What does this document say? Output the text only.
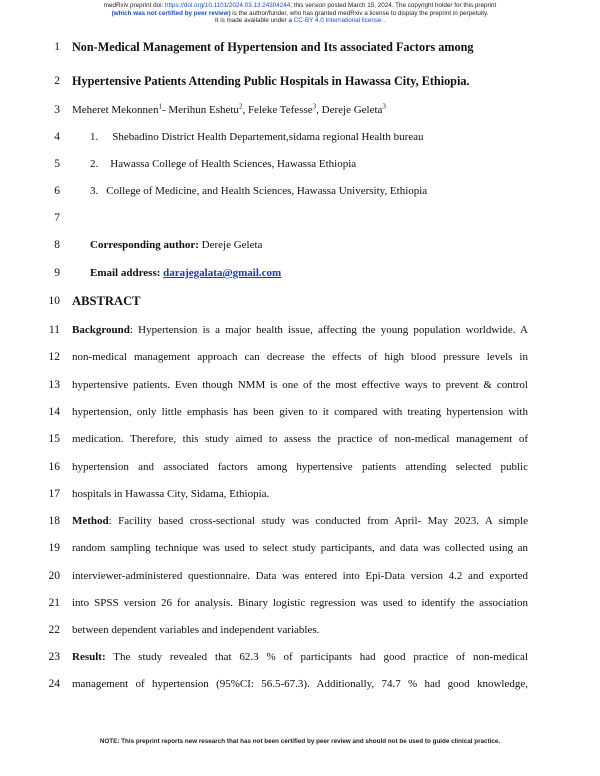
medRxiv preprint doi: https://doi.org/10.1101/2024.03.13.24304244; this version posted March 15, 2024. The copyright holder for this preprint
(which was not certified by peer review) is the author/funder, who has granted medRxiv a license to display the preprint in perpetuity.
It is made available under a CC-BY 4.0 International license .
1
2
3
4
5
6
7
8
9
10
11
12
13
14
15
16
17
18
19
20
21
22
23
24
Non-Medical Management of Hypertension and Its associated Factors among
Hypertensive Patients Attending Public Hospitals in Hawassa City, Ethiopia.
Meheret Mekonnen$^1$- Merihun Eshetu$^2$, Feleke Tefesse$^3$, Dereje Geleta$^3$
1. Shebadino District Health Departement,sidama regional Health bureau
2. Hawassa College of Health Sciences, Hawassa Ethiopia
3. College of Medicine, and Health Sciences, Hawassa University, Ethiopia
Corresponding author: Dereje Geleta
Email address: darajegalata@gmail.com
ABSTRACT
Background: Hypertension is a major health issue, affecting the young population worldwide. A
non-medical management approach can decrease the effects of high blood pressure levels in
hypertensive patients. Even though NMM is one of the most effective ways to prevent & control
hypertension, only little emphasis has been given to it compared with treating hypertension with
medication. Therefore, this study aimed to assess the practice of non-medical management of
hypertension and associated factors among hypertensive patients attending selected public
hospitals in Hawassa City, Sidama, Ethiopia.
Method: Facility based cross-sectional study was conducted from April- May 2023. A simple
random sampling technique was used to select study participants, and data was collected using an
interviewer-administered questionnaire. Data was entered into Epi-Data version 4.2 and exported
into SPSS version 26 for analysis. Binary logistic regression was used to identify the association
between dependent variables and independent variables.
Result: The study revealed that 62.3 % of participants had good practice of non-medical
management of hypertension (95%CI: 56.5-67.3). Additionally, 74.7 % had good knowledge,
NOTE: This preprint reports new research that has not been certified by peer review and should not be used to guide clinical practice.
